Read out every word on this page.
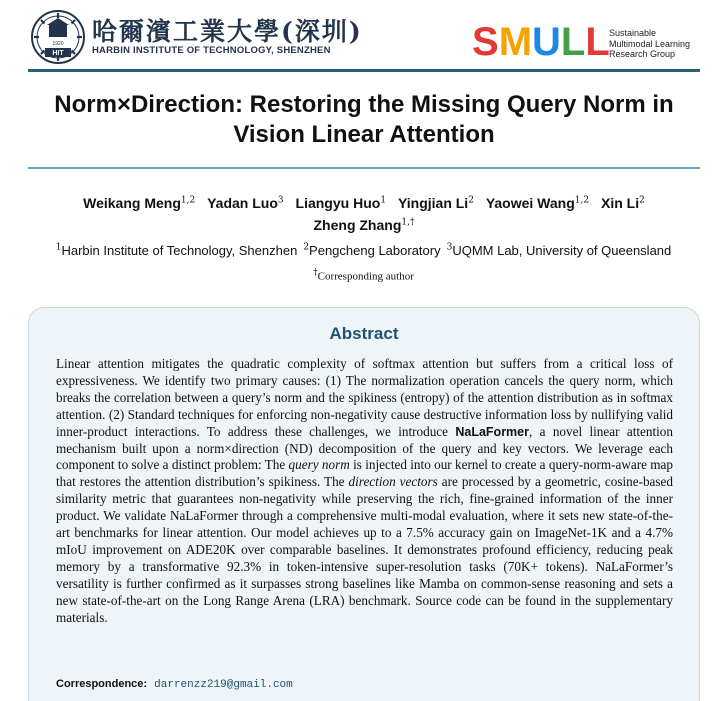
1920
HIT
哈爾濱工業大學(深圳)
HARBIN INSTITUTE OF TECHNOLOGY, SHENZHEN	S M U L L Sustainable
Multimodal Learning
Research Group
Norm×Direction: Restoring the Missing Query Norm in
Vision Linear Attention
Weikang Meng$^{1,2}$ Yadan Luo$^3$ Liangyu Huo$^1$ Yingjian Li$^2$ Yaowei Wang$^{1,2}$ Xin Li$^2$ Zheng Zhang$^{1,\dagger}$
$^1$Harbin Institute of Technology, Shenzhen $^2$Pengcheng Laboratory $^3$UQMM Lab, University of Queensland
†Corresponding author
Abstract
Linear attention mitigates the quadratic complexity of softmax attention but suffers from a critical loss of expressiveness. We identify two primary causes: (1) The normalization operation cancels the query norm, which breaks the correlation between a query’s norm and the spikiness (entropy) of the attention distribution as in softmax attention. (2) Standard techniques for enforcing non-negativity cause destructive information loss by nullifying valid inner-product interactions. To address these challenges, we introduce NaLaFormer, a novel linear attention mechanism built upon a norm×direction (ND) decomposition of the query and key vectors. We leverage each component to solve a distinct problem: The query norm is injected into our kernel to create a query-norm-aware map that restores the attention distribution’s spikiness. The direction vectors are processed by a geometric, cosine-based similarity metric that guarantees non-negativity while preserving the rich, fine-grained information of the inner product. We validate NaLaFormer through a comprehensive multi-modal evaluation, where it sets new state-of-the-art benchmarks for linear attention. Our model achieves up to a 7.5% accuracy gain on ImageNet-1K and a 4.7% mIoU improvement on ADE20K over comparable baselines. It demonstrates profound efficiency, reducing peak memory by a transformative 92.3% in token-intensive super-resolution tasks (70K+ tokens). NaLaFormer’s versatility is further confirmed as it surpasses strong baselines like Mamba on common-sense reasoning and sets a new state-of-the-art on the Long Range Arena (LRA) benchmark. Source code can be found in the supplementary materials.
Correspondence: darrenzz219@gmail.com
